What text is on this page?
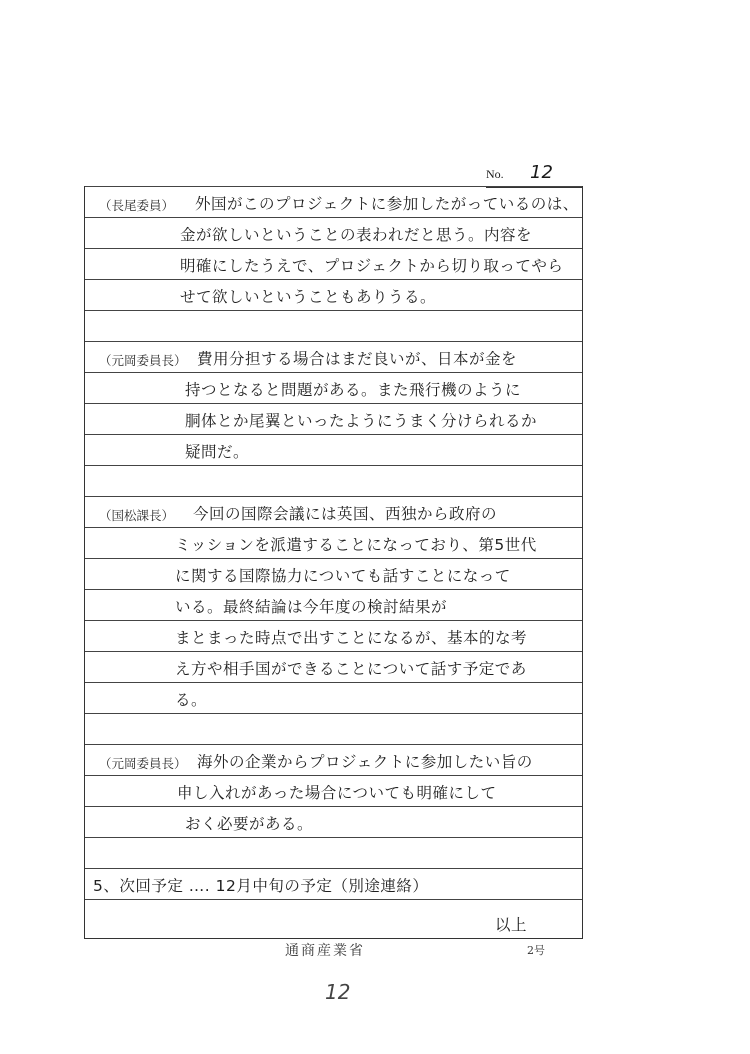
No. 12
（長尾委員） 外国がこのプロジェクトに参加したがっているのは、
金が欲しいということの表われだと思う。内容を
明確にしたうえで、プロジェクトから切り取ってやら
せて欲しいということもありうる。
（元岡委員長） 費用分担する場合はまだ良いが、日本が金を
持つとなると問題がある。また飛行機のように
胴体とか尾翼といったようにうまく分けられるか
疑問だ。
（国松課長） 今回の国際会議には英国、西独から政府の
ミッションを派遣することになっており、第5世代
に関する国際協力についても話すことになって
いる。最終結論は今年度の検討結果が
まとまった時点で出すことになるが、基本的な考
え方や相手国ができることについて話す予定であ
る。
（元岡委員長） 海外の企業からプロジェクトに参加したい旨の
申し入れがあった場合についても明確にして
おく必要がある。
5、次回予定 …. 12月中旬の予定（別途連絡）
以上
通商産業省	2号
12
